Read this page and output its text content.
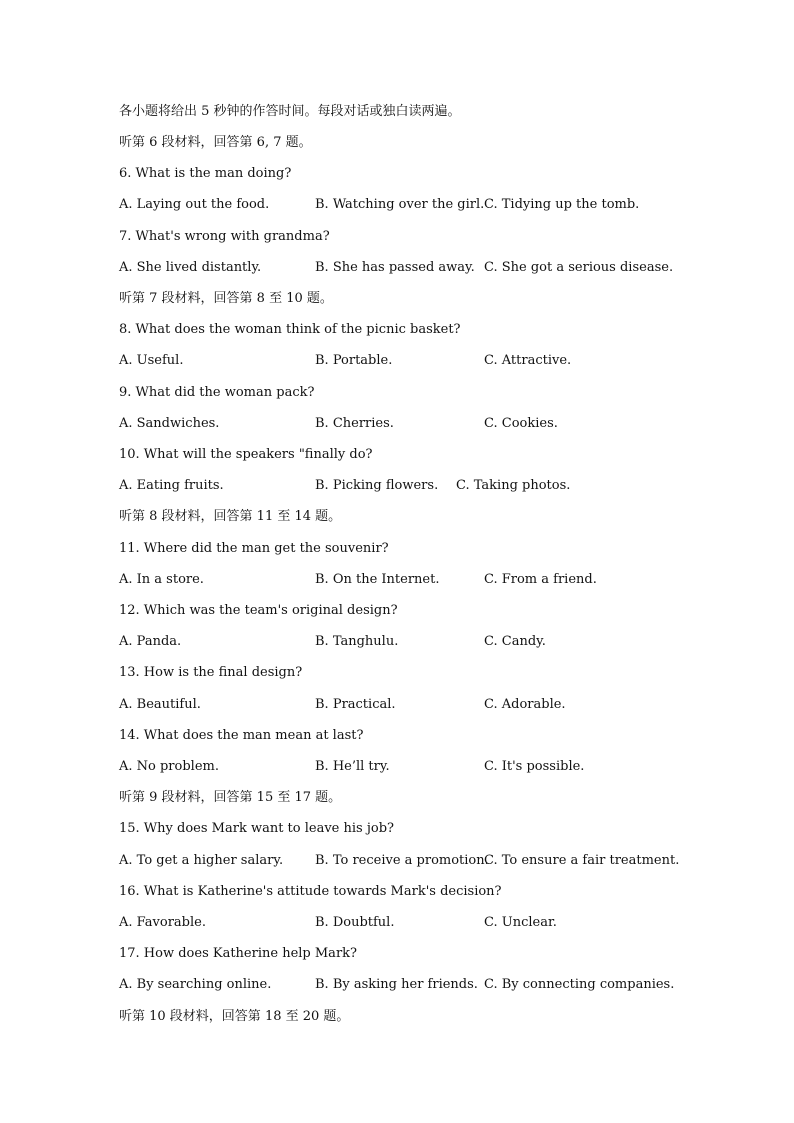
各小题将给出 5 秒钟的作答时间。每段对话或独白读两遍。
听第 6 段材料，回答第 6, 7 题。
6. What is the man doing?
A. Laying out the food.	B. Watching over the girl. C. Tidying up the tomb.
7. What's wrong with grandma?
A. She lived distantly.	B. She has passed away. C. She got a serious disease.
听第 7 段材料，回答第 8 至 10 题。
8. What does the woman think of the picnic basket?
A. Useful.	B. Portable.	C. Attractive.
9. What did the woman pack?
A. Sandwiches.	B. Cherries.	C. Cookies.
10. What will the speakers "finally do?
A. Eating fruits.	B. Picking flowers. C. Taking photos.
听第 8 段材料，回答第 11 至 14 题。
11. Where did the man get the souvenir?
A. In a store.	B. On the Internet.	C. From a friend.
12. Which was the team's original design?
A. Panda.	B. Tanghulu.	C. Candy.
13. How is the final design?
A. Beautiful.	B. Practical.	C. Adorable.
14. What does the man mean at last?
A. No problem.	B. He’ll try.	C. It's possible.
听第 9 段材料，回答第 15 至 17 题。
15. Why does Mark want to leave his job?
A. To get a higher salary. B. To receive a promotion.
C. To ensure a fair treatment.
16. What is Katherine's attitude towards Mark's decision?
A. Favorable.	B. Doubtful.	C. Unclear.
17. How does Katherine help Mark?
A. By searching online.	B. By asking her friends. C. By connecting companies.
听第 10 段材料，回答第 18 至 20 题。
